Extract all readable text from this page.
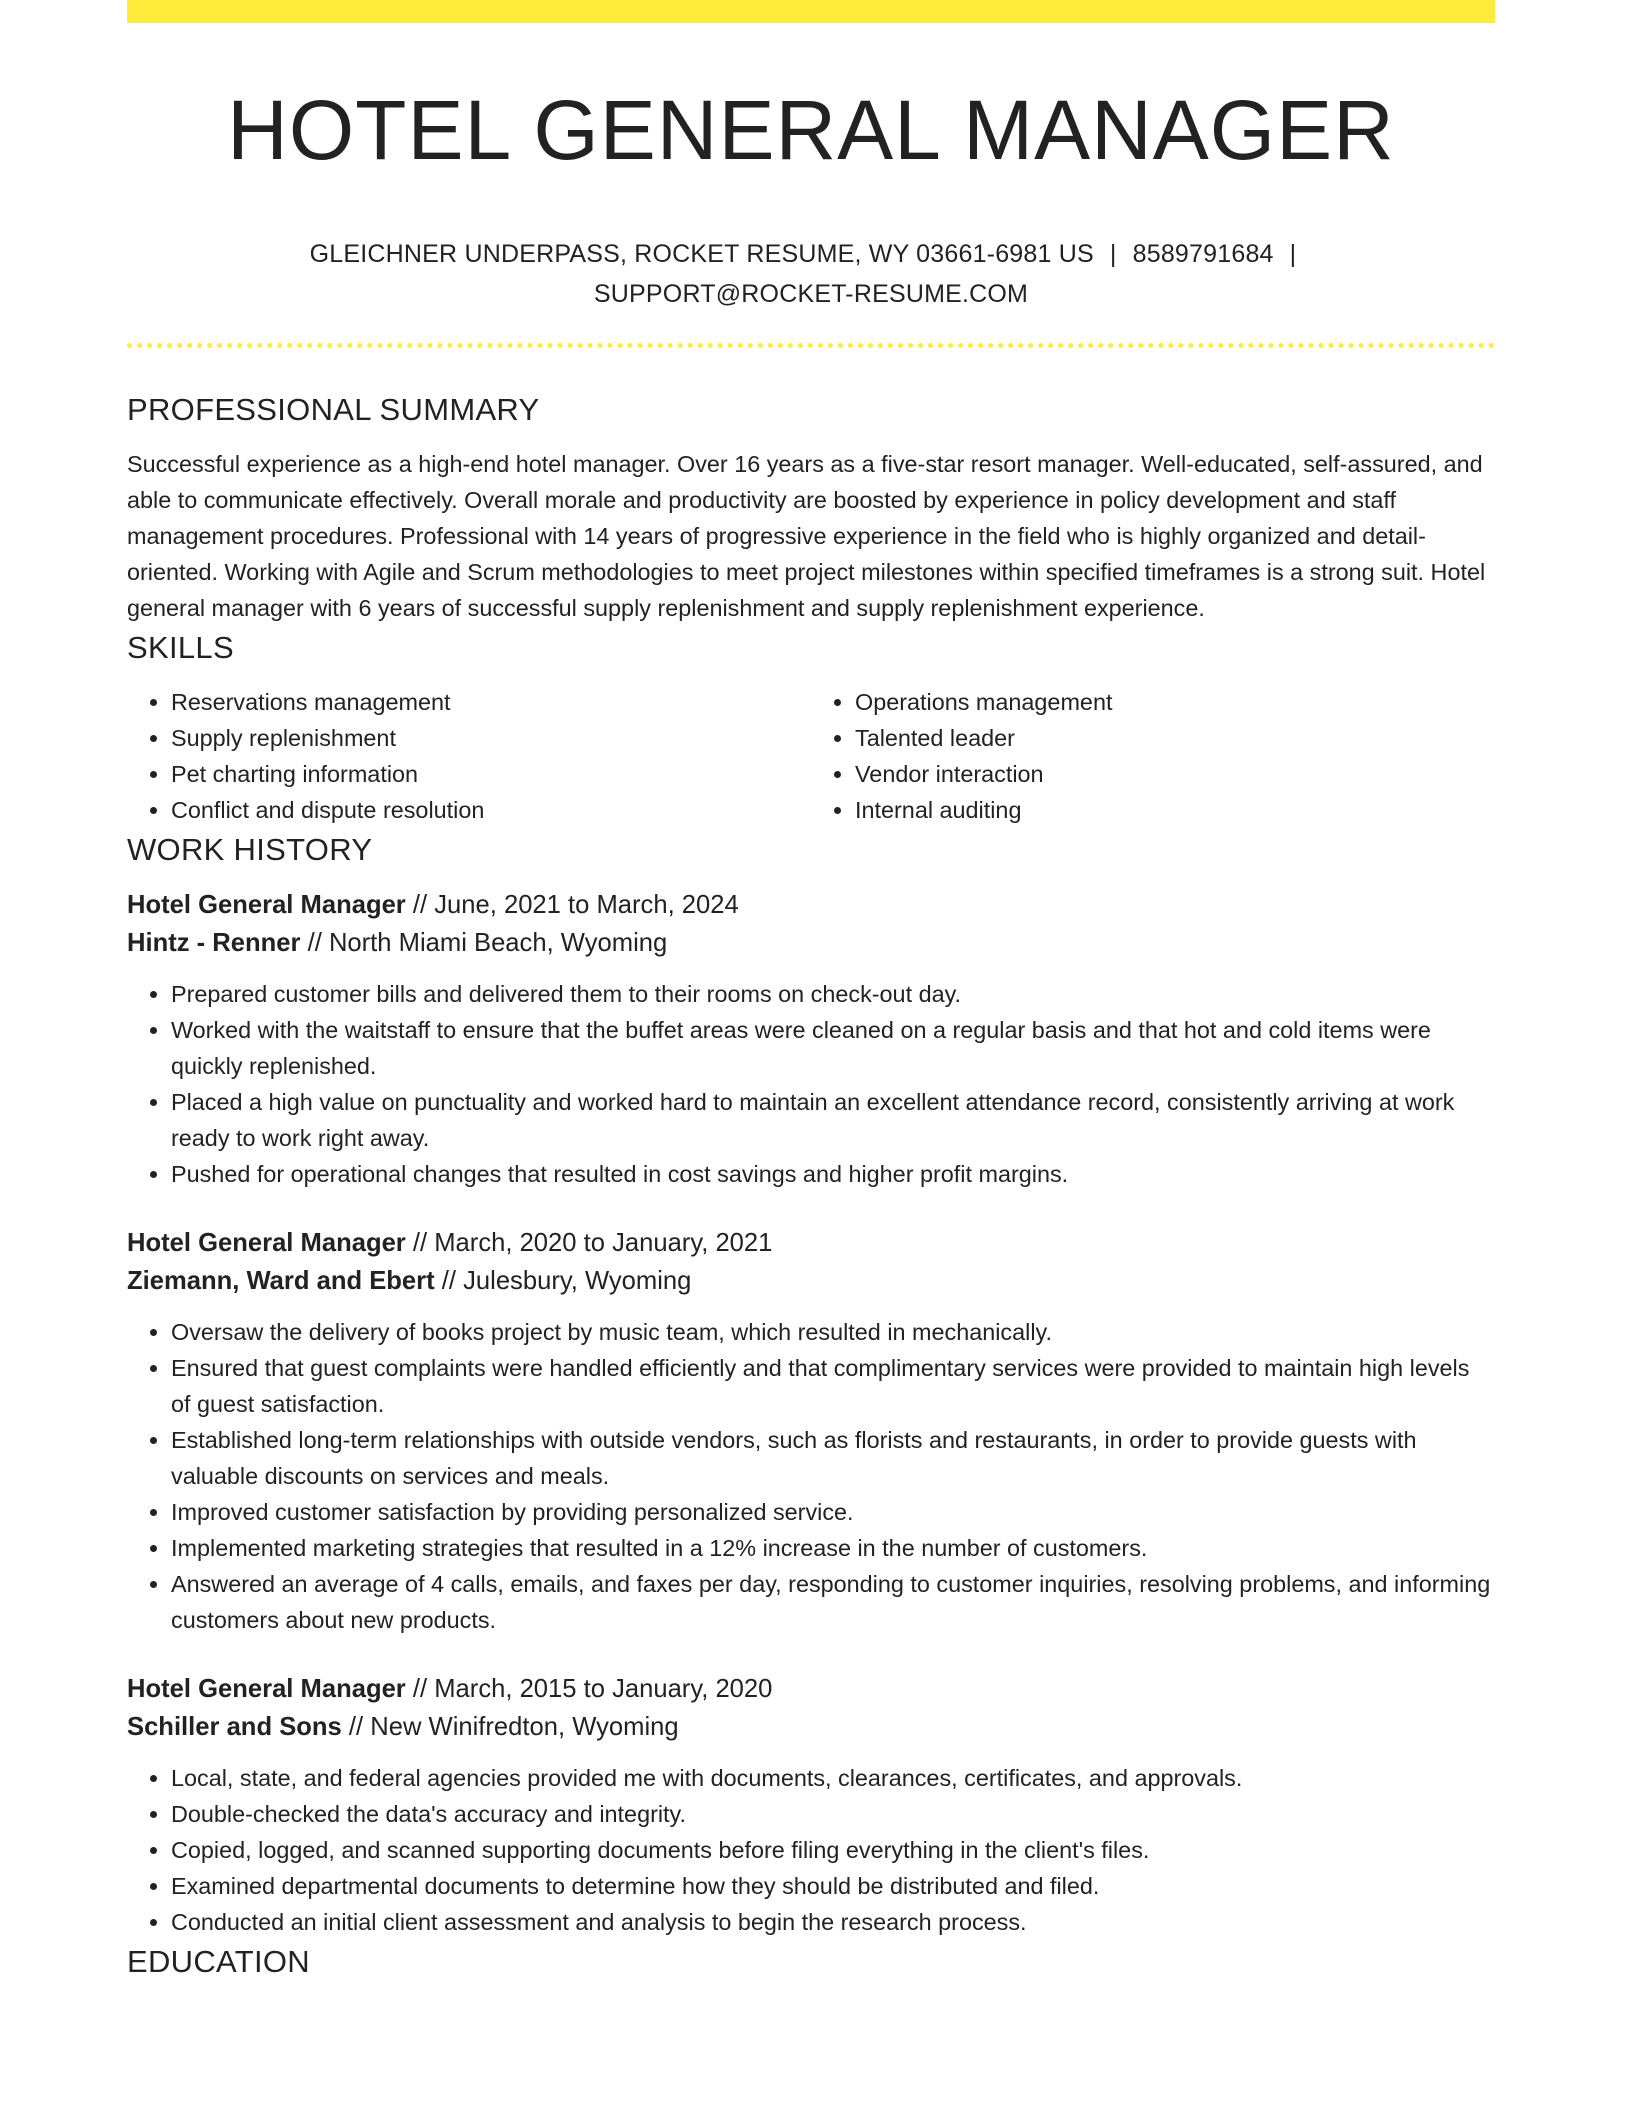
HOTEL GENERAL MANAGER
GLEICHNER UNDERPASS, ROCKET RESUME, WY 03661-6981 US | 8589791684 |
SUPPORT@ROCKET-RESUME.COM
PROFESSIONAL SUMMARY

Successful experience as a high-end hotel manager. Over 16 years as a five-star resort manager. Well-educated, self-assured, and able to communicate effectively. Overall morale and productivity are boosted by experience in policy development and staff management procedures. Professional with 14 years of progressive experience in the field who is highly organized and detail-oriented. Working with Agile and Scrum methodologies to meet project milestones within specified timeframes is a strong suit. Hotel general manager with 6 years of successful supply replenishment and supply replenishment experience.

SKILLS
• Reservations management
• Supply replenishment
• Pet charting information
• Conflict and dispute resolution
• Operations management
• Talented leader
• Vendor interaction
• Internal auditing
WORK HISTORY
Hotel General Manager // June, 2021 to March, 2024
Hintz - Renner // North Miami Beach, Wyoming
• Prepared customer bills and delivered them to their rooms on check-out day.
• Worked with the waitstaff to ensure that the buffet areas were cleaned on a regular basis and that hot and cold items were quickly replenished.
• Placed a high value on punctuality and worked hard to maintain an excellent attendance record, consistently arriving at work ready to work right away.
• Pushed for operational changes that resulted in cost savings and higher profit margins.
Hotel General Manager // March, 2020 to January, 2021
Ziemann, Ward and Ebert // Julesbury, Wyoming
• Oversaw the delivery of books project by music team, which resulted in mechanically.
• Ensured that guest complaints were handled efficiently and that complimentary services were provided to maintain high levels of guest satisfaction.
• Established long-term relationships with outside vendors, such as florists and restaurants, in order to provide guests with valuable discounts on services and meals.
• Improved customer satisfaction by providing personalized service.
• Implemented marketing strategies that resulted in a 12% increase in the number of customers.
• Answered an average of 4 calls, emails, and faxes per day, responding to customer inquiries, resolving problems, and informing customers about new products.
Hotel General Manager // March, 2015 to January, 2020
Schiller and Sons // New Winifredton, Wyoming
• Local, state, and federal agencies provided me with documents, clearances, certificates, and approvals.
• Double-checked the data's accuracy and integrity.
• Copied, logged, and scanned supporting documents before filing everything in the client's files.
• Examined departmental documents to determine how they should be distributed and filed.
• Conducted an initial client assessment and analysis to begin the research process.
EDUCATION
